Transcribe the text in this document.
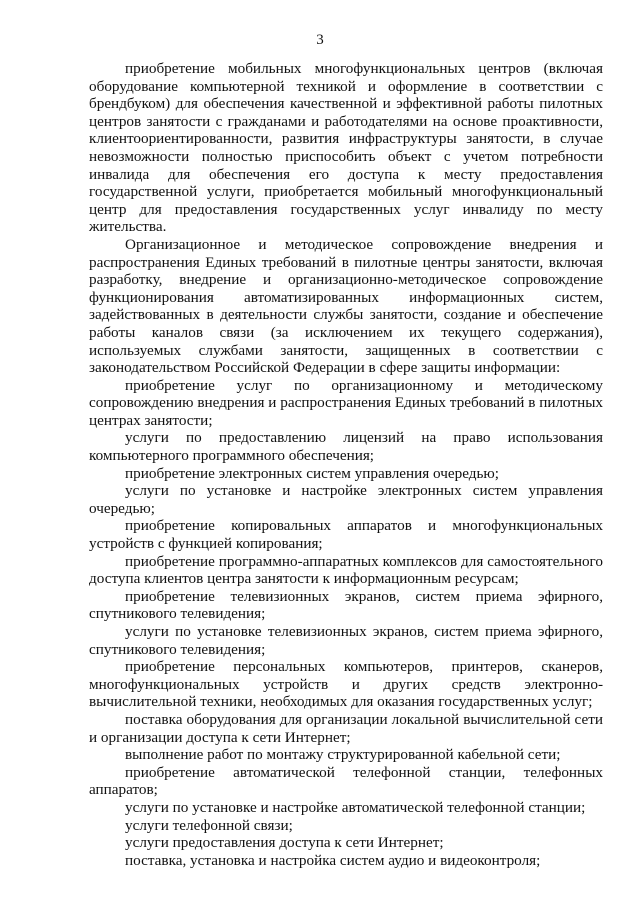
3

приобретение мобильных многофункциональных центров (включая оборудование компьютерной техникой и оформление в соответствии с брендбуком) для обеспечения качественной и эффективной работы пилотных центров занятости с гражданами и работодателями на основе проактивности, клиентоориентированности, развития инфраструктуры занятости, в случае невозможности полностью приспособить объект с учетом потребности инвалида для обеспечения его доступа к месту предоставления государственной услуги, приобретается мобильный многофункциональный центр для предоставления государственных услуг инвалиду по месту жительства.

Организационное и методическое сопровождение внедрения и распространения Единых требований в пилотные центры занятости, включая разработку, внедрение и организационно-методическое сопровождение функционирования автоматизированных информационных систем, задействованных в деятельности службы занятости, создание и обеспечение работы каналов связи (за исключением их текущего содержания), используемых службами занятости, защищенных в соответствии с законодательством Российской Федерации в сфере защиты информации:

приобретение услуг по организационному и методическому сопровождению внедрения и распространения Единых требований в пилотных центрах занятости;

услуги по предоставлению лицензий на право использования компьютерного программного обеспечения;

приобретение электронных систем управления очередью;

услуги по установке и настройке электронных систем управления очередью;

приобретение копировальных аппаратов и многофункциональных устройств с функцией копирования;

приобретение программно-аппаратных комплексов для самостоятельного доступа клиентов центра занятости к информационным ресурсам;

приобретение телевизионных экранов, систем приема эфирного, спутникового телевидения;

услуги по установке телевизионных экранов, систем приема эфирного, спутникового телевидения;

приобретение персональных компьютеров, принтеров, сканеров, многофункциональных устройств и других средств электронно-вычислительной техники, необходимых для оказания государственных услуг;

поставка оборудования для организации локальной вычислительной сети и организации доступа к сети Интернет;

выполнение работ по монтажу структурированной кабельной сети;

приобретение автоматической телефонной станции, телефонных аппаратов;

услуги по установке и настройке автоматической телефонной станции;

услуги телефонной связи;

услуги предоставления доступа к сети Интернет;

поставка, установка и настройка систем аудио и видеоконтроля;
